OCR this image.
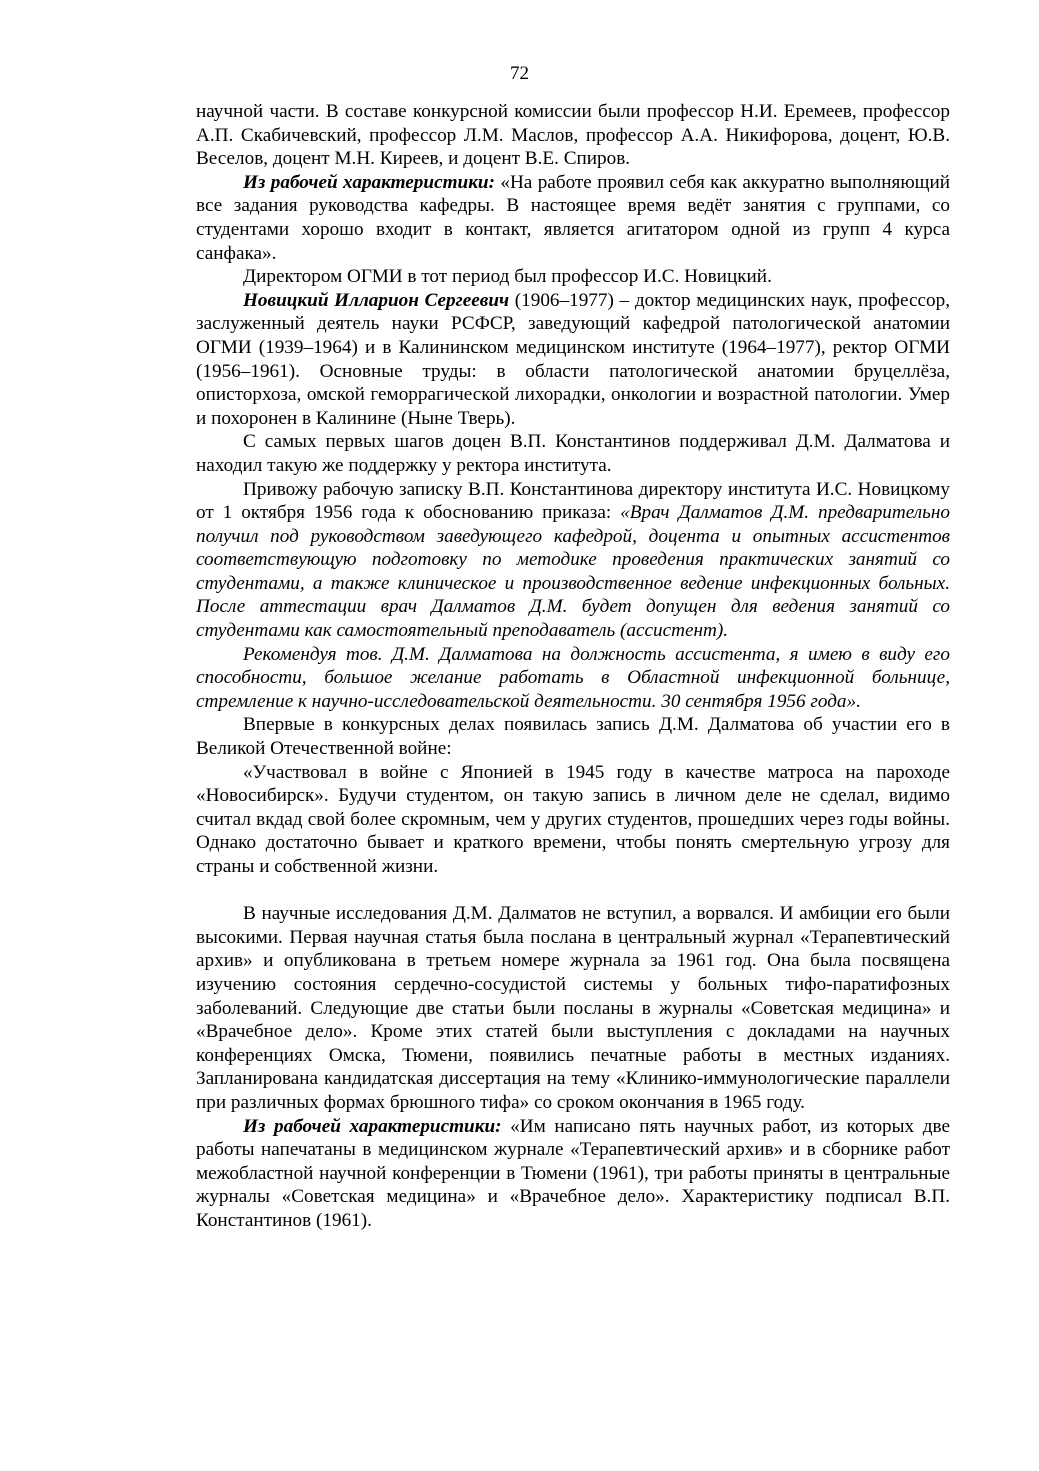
72

научной части. В составе конкурсной комиссии были профессор Н.И. Еремеев, профессор А.П. Скабичевский, профессор Л.М. Маслов, профессор А.А. Никифорова, доцент, Ю.В. Веселов, доцент М.Н. Киреев, и доцент В.Е. Спиров.

Из рабочей характеристики: «На работе проявил себя как аккуратно выполняющий все задания руководства кафедры. В настоящее время ведёт занятия с группами, со студентами хорошо входит в контакт, является агитатором одной из групп 4 курса санфака».

Директором ОГМИ в тот период был профессор И.С. Новицкий.

Новицкий Илларион Сергеевич (1906–1977) – доктор медицинских наук, профессор, заслуженный деятель науки РСФСР, заведующий кафедрой патологической анатомии ОГМИ (1939–1964) и в Калининском медицинском институте (1964–1977), ректор ОГМИ (1956–1961). Основные труды: в области патологической анатомии бруцеллёза, описторхоза, омской геморрагической лихорадки, онкологии и возрастной патологии. Умер и похоронен в Калинине (Ныне Тверь).

С самых первых шагов доцен В.П. Константинов поддерживал Д.М. Далматова и находил такую же поддержку у ректора института.

Привожу рабочую записку В.П. Константинова директору института И.С. Новицкому от 1 октября 1956 года к обоснованию приказа: «Врач Далматов Д.М. предварительно получил под руководством заведующего кафедрой, доцента и опытных ассистентов соответствующую подготовку по методике проведения практических занятий со студентами, а также клиническое и производственное ведение инфекционных больных. После аттестации врач Далматов Д.М. будет допущен для ведения занятий со студентами как самостоятельный преподаватель (ассистент).

Рекомендуя тов. Д.М. Далматова на должность ассистента, я имею в виду его способности, большое желание работать в Областной инфекционной больнице, стремление к научно-исследовательской деятельности. 30 сентября 1956 года».

Впервые в конкурсных делах появилась запись Д.М. Далматова об участии его в Великой Отечественной войне:

«Участвовал в войне с Японией в 1945 году в качестве матроса на пароходе «Новосибирск». Будучи студентом, он такую запись в личном деле не сделал, видимо считал вкдад свой более скромным, чем у других студентов, прошедших через годы войны. Однако достаточно бывает и краткого времени, чтобы понять смертельную угрозу для страны и собственной жизни.

В научные исследования Д.М. Далматов не вступил, а ворвался. И амбиции его были высокими. Первая научная статья была послана в центральный журнал «Терапевтический архив» и опубликована в третьем номере журнала за 1961 год. Она была посвящена изучению состояния сердечно-сосудистой системы у больных тифо-паратифозных заболеваний. Следующие две статьи были посланы в журналы «Советская медицина» и «Врачебное дело». Кроме этих статей были выступления с докладами на научных конференциях Омска, Тюмени, появились печатные работы в местных изданиях. Запланирована кандидатская диссертация на тему «Клинико-иммунологические параллели при различных формах брюшного тифа» со сроком окончания в 1965 году.

Из рабочей характеристики: «Им написано пять научных работ, из которых две работы напечатаны в медицинском журнале «Терапевтический архив» и в сборнике работ межобластной научной конференции в Тюмени (1961), три работы приняты в центральные журналы «Советская медицина» и «Врачебное дело». Характеристику подписал В.П. Константинов (1961).
